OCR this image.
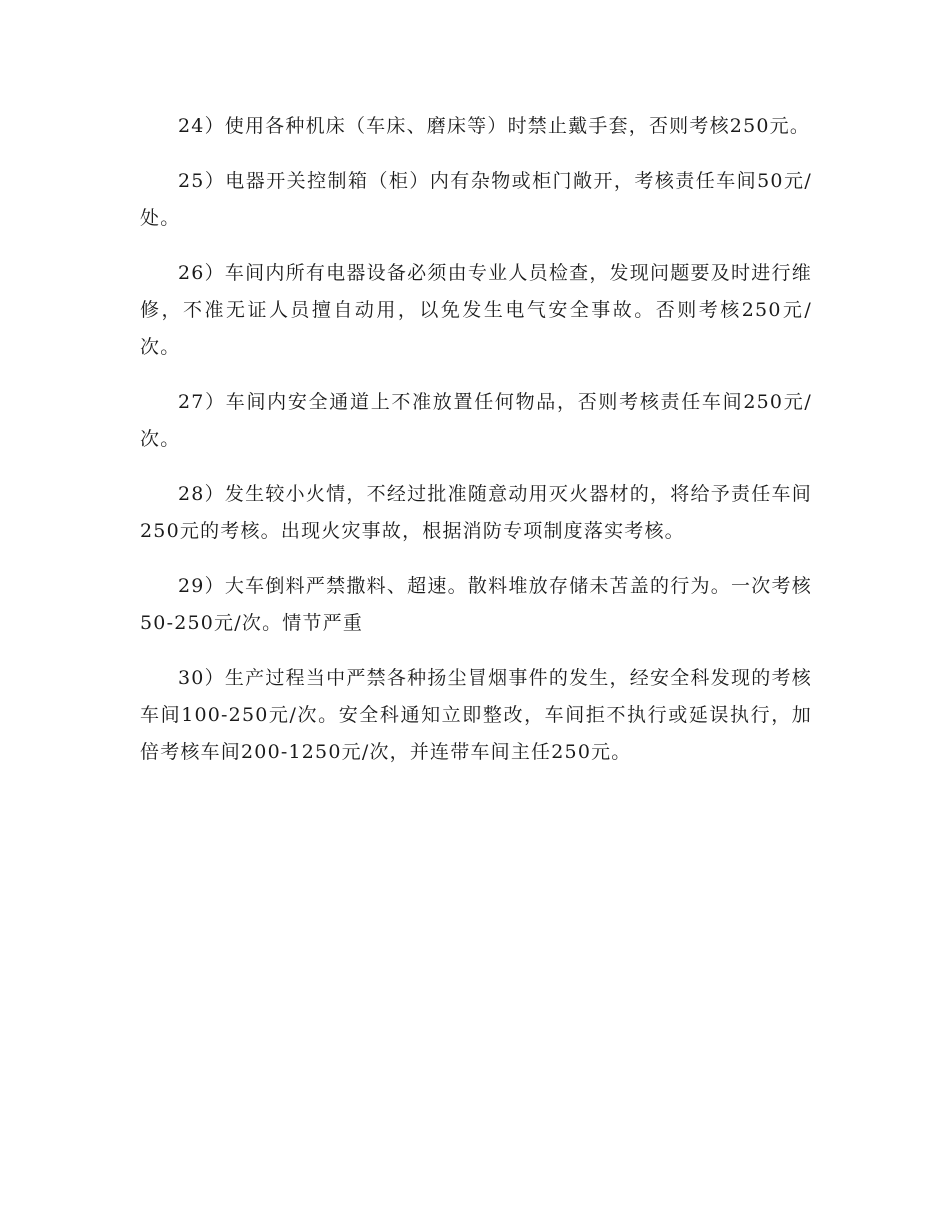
24）使用各种机床（车床、磨床等）时禁止戴手套，否则考核250元。

25）电器开关控制箱（柜）内有杂物或柜门敞开，考核责任车间50元/处。

26）车间内所有电器设备必须由专业人员检查，发现问题要及时进行维修，不准无证人员擅自动用，以免发生电气安全事故。否则考核250元/次。

27）车间内安全通道上不准放置任何物品，否则考核责任车间250元/次。

28）发生较小火情，不经过批准随意动用灭火器材的，将给予责任车间250元的考核。出现火灾事故，根据消防专项制度落实考核。

29）大车倒料严禁撒料、超速。散料堆放存储未苫盖的行为。一次考核50-250元/次。情节严重

30）生产过程当中严禁各种扬尘冒烟事件的发生，经安全科发现的考核车间100-250元/次。安全科通知立即整改，车间拒不执行或延误执行，加倍考核车间200-1250元/次，并连带车间主任250元。
